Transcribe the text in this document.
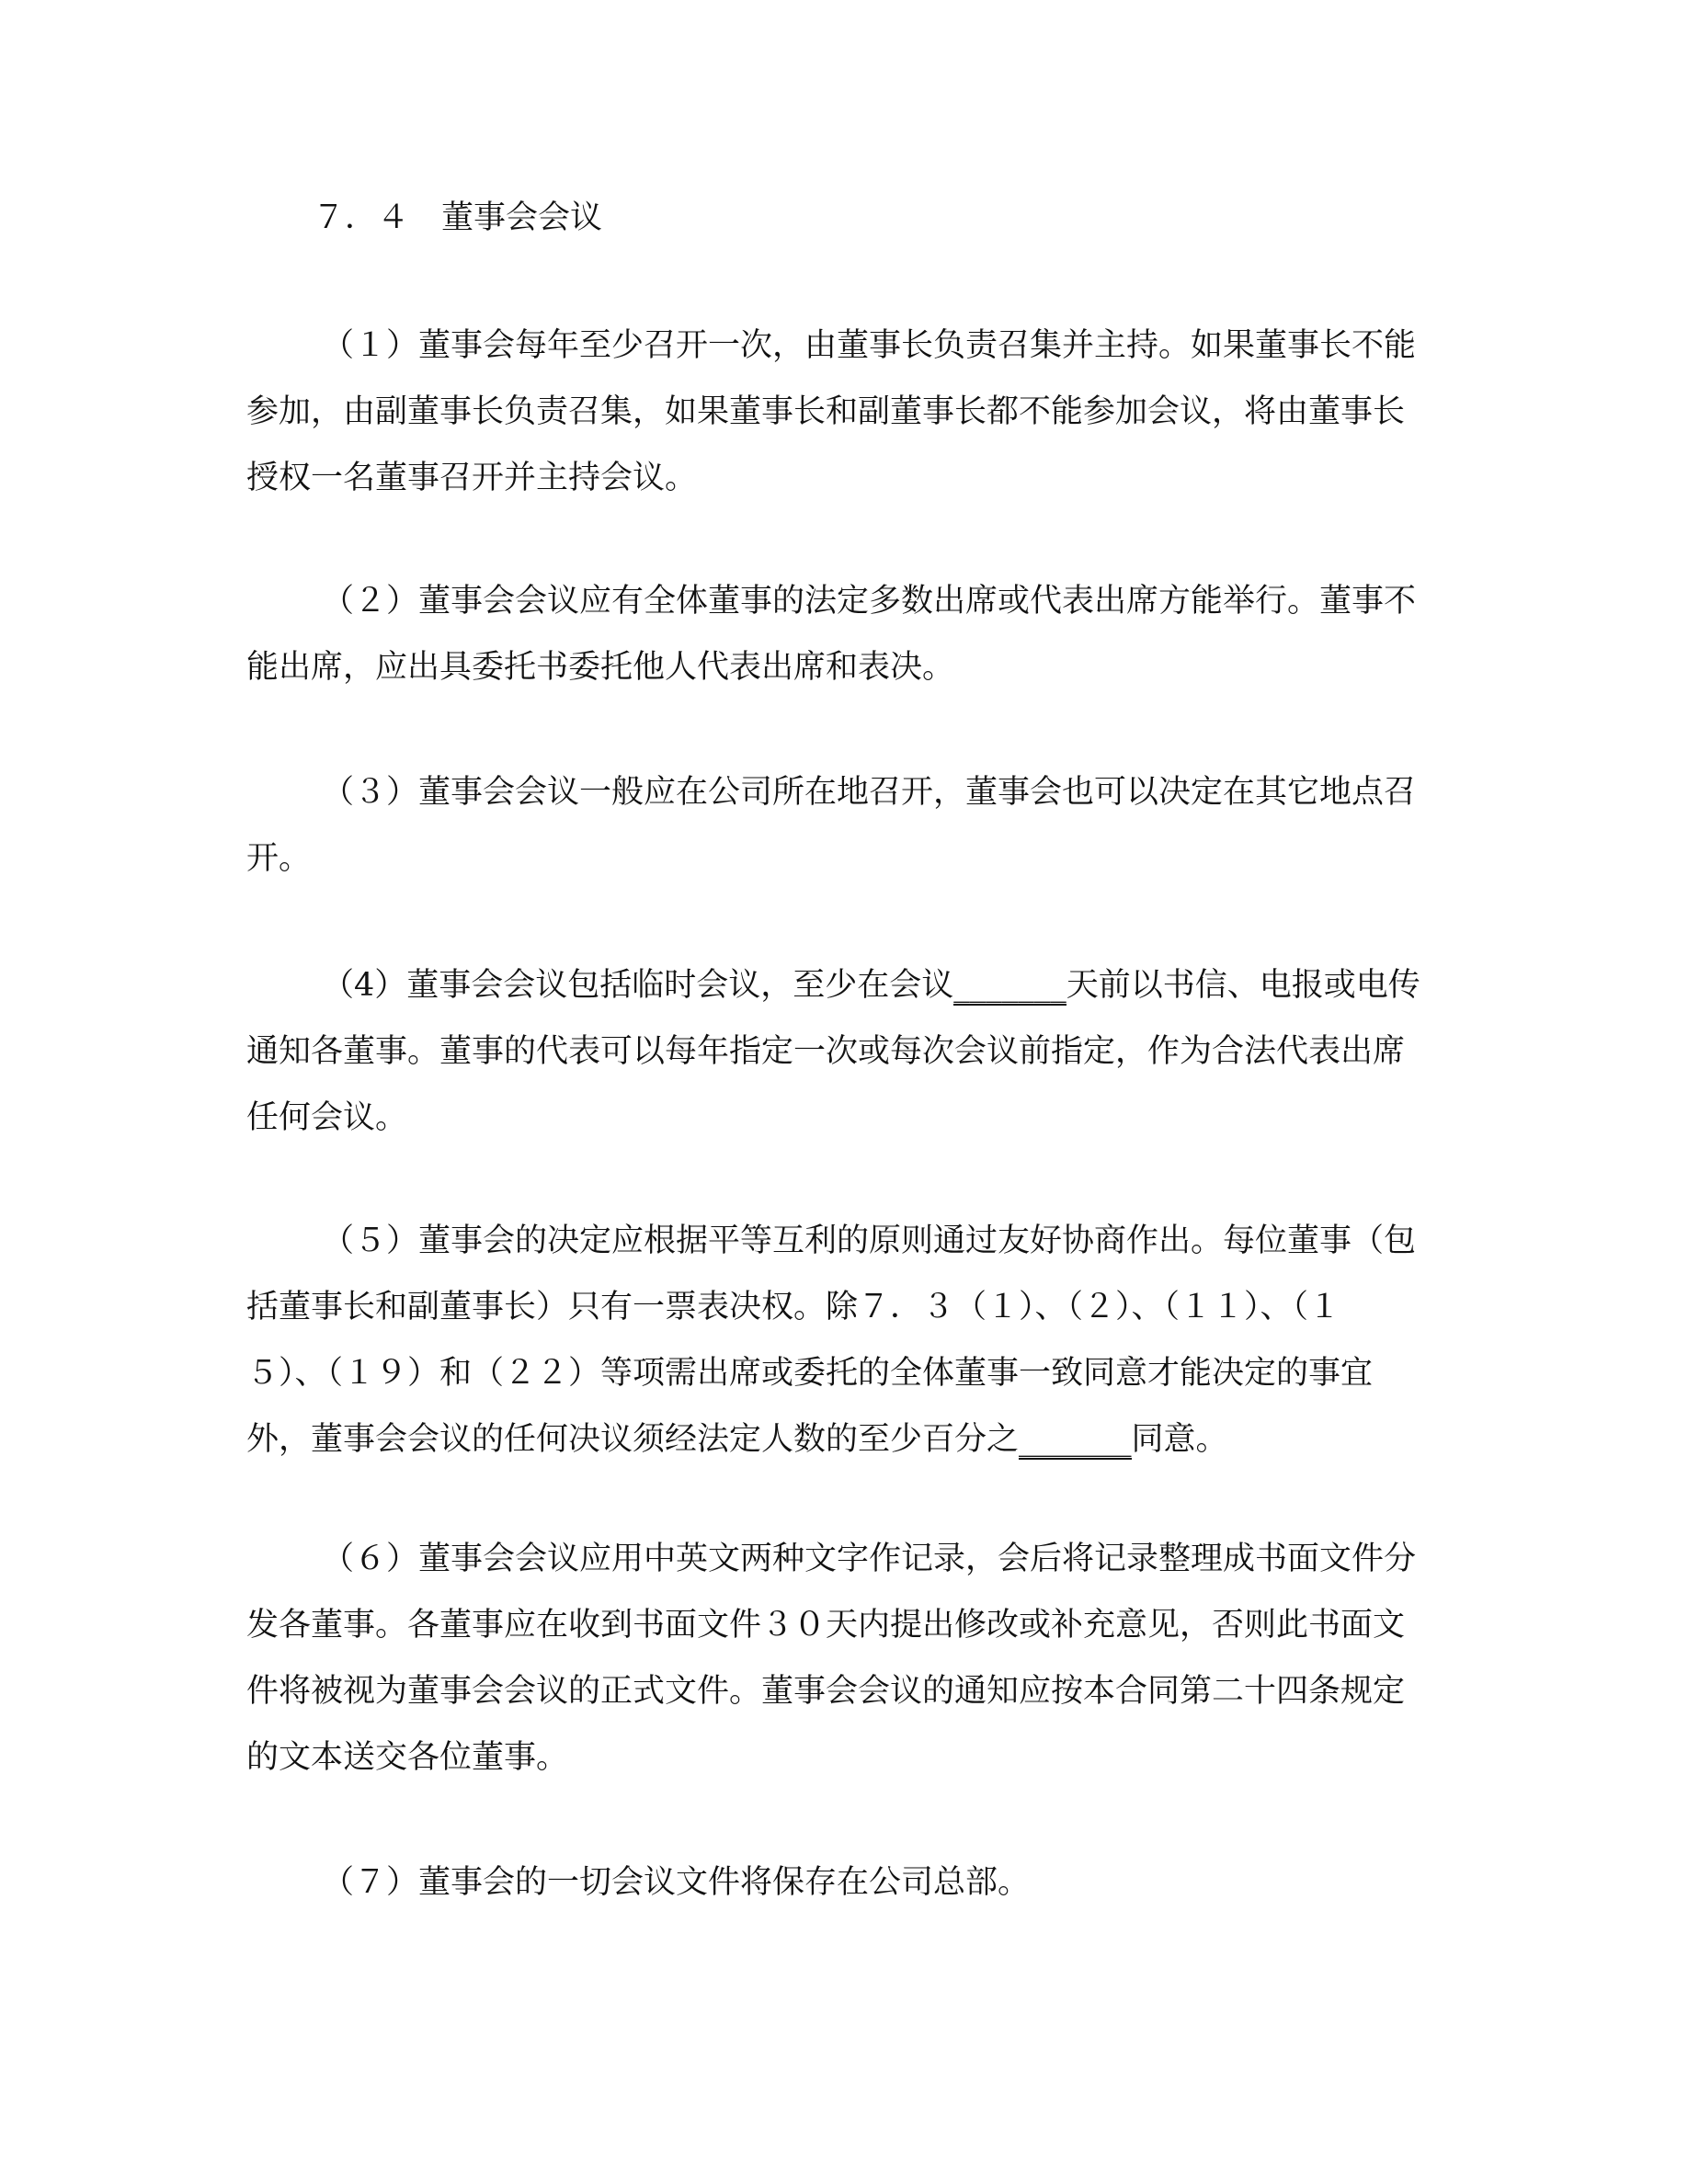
７．４　董事会会议
（１）董事会每年至少召开一次，由董事长负责召集并主持。如果董事长不能
参加，由副董事长负责召集，如果董事长和副董事长都不能参加会议，将由董事长
授权一名董事召开并主持会议。
（２）董事会会议应有全体董事的法定多数出席或代表出席方能举行。董事不
能出席，应出具委托书委托他人代表出席和表决。
（３）董事会会议一般应在公司所在地召开，董事会也可以决定在其它地点召
开。
（4）董事会会议包括临时会议，至少在会议_______天前以书信、电报或电传
通知各董事。董事的代表可以每年指定一次或每次会议前指定，作为合法代表出席
任何会议。
（５）董事会的决定应根据平等互利的原则通过友好协商作出。每位董事（包
括董事长和副董事长）只有一票表决权。除７．３（１）、（２）、（１１）、（１
５）、（１９）和（２２）等项需出席或委托的全体董事一致同意才能决定的事宜
外，董事会会议的任何决议须经法定人数的至少百分之_______同意。
（６）董事会会议应用中英文两种文字作记录，会后将记录整理成书面文件分
发各董事。各董事应在收到书面文件３０天内提出修改或补充意见，否则此书面文
件将被视为董事会会议的正式文件。董事会会议的通知应按本合同第二十四条规定
的文本送交各位董事。
（７）董事会的一切会议文件将保存在公司总部。
